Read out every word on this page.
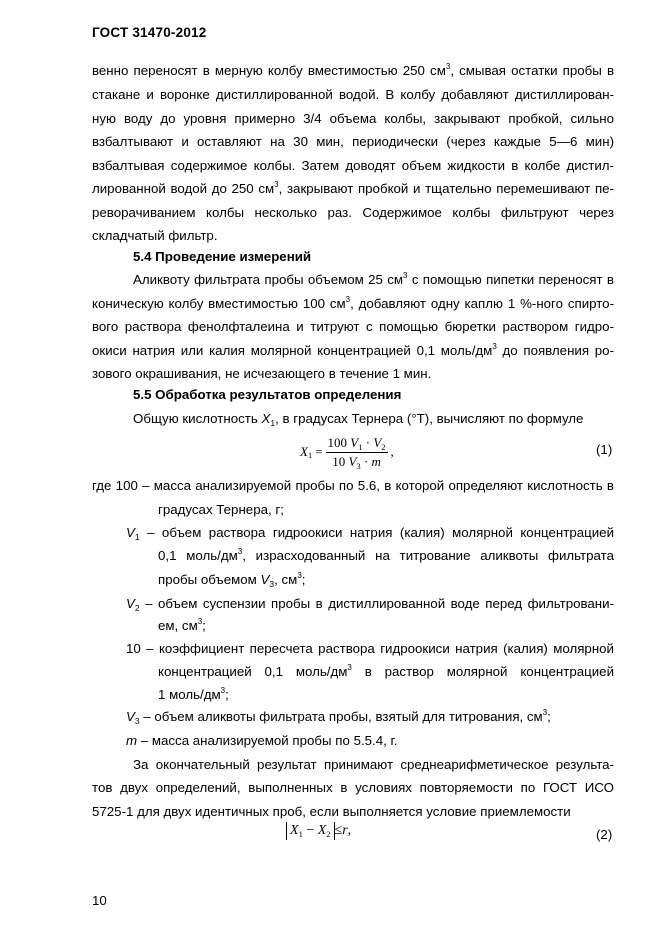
ГОСТ 31470-2012
венно переносят в мерную колбу вместимостью 250 $см^3$, смывая остатки пробы в
стакане и воронке дистиллированной водой. В колбу добавляют дистиллирован-
ную воду до уровня примерно 3/4 объема колбы, закрывают пробкой, сильно
взбалтывают и оставляют на 30 мин, периодически (через каждые 5—6 мин)
взбалтывая содержимое колбы. Затем доводят объем жидкости в колбе дистил-
лированной водой до 250 $см^3$, закрывают пробкой и тщательно перемешивают пе-
реворачиванием колбы несколько раз. Содержимое колбы фильтруют через
складчатый фильтр.
5.4 Проведение измерений
Аликвоту фильтрата пробы объемом 25 $см^3$ с помощью пипетки переносят в
коническую колбу вместимостью 100 $см^3$, добавляют одну каплю 1 %-ного спирто-
вого раствора фенолфталеина и титруют с помощью бюретки раствором гидро-
окиси натрия или калия молярной концентрацией 0,1 моль/$дм^3$ до появления ро-
зового окрашивания, не исчезающего в течение 1 мин.
5.5 Обработка результатов определения
Общую кислотность $X_1$, в градусах Тернера (°Т), вычисляют по формуле
$X_1 = \frac{100 V_1 \cdot V_2}{10 V_3 \cdot m}$ ,	(1)
где 100 – масса анализируемой пробы по 5.6, в которой определяют кислотность в
градусах Тернера, г;
$V_1$ – объем раствора гидроокиси натрия (калия) молярной концентрацией
0,1 моль/$дм^3$, израсходованный на титрование аликвоты фильтрата
пробы объемом $V_3$, $см^3$;
$V_2$ – объем суспензии пробы в дистиллированной воде перед фильтровани-
ем, $см^3$;
10 – коэффициент пересчета раствора гидроокиси натрия (калия) молярной
концентрацией 0,1 моль/$дм^3$ в раствор молярной концентрацией
1 моль/$дм^3$;
$V_3$ – объем аликвоты фильтрата пробы, взятый для титрования, $см^3$;
m – масса анализируемой пробы по 5.5.4, г.
За окончательный результат принимают среднеарифметическое результа-
тов двух определений, выполненных в условиях повторяемости по ГОСТ ИСО
5725-1 для двух идентичных проб, если выполняется условие приемлемости
$X_1 - X_2 \le r$ ,	(2)
10
